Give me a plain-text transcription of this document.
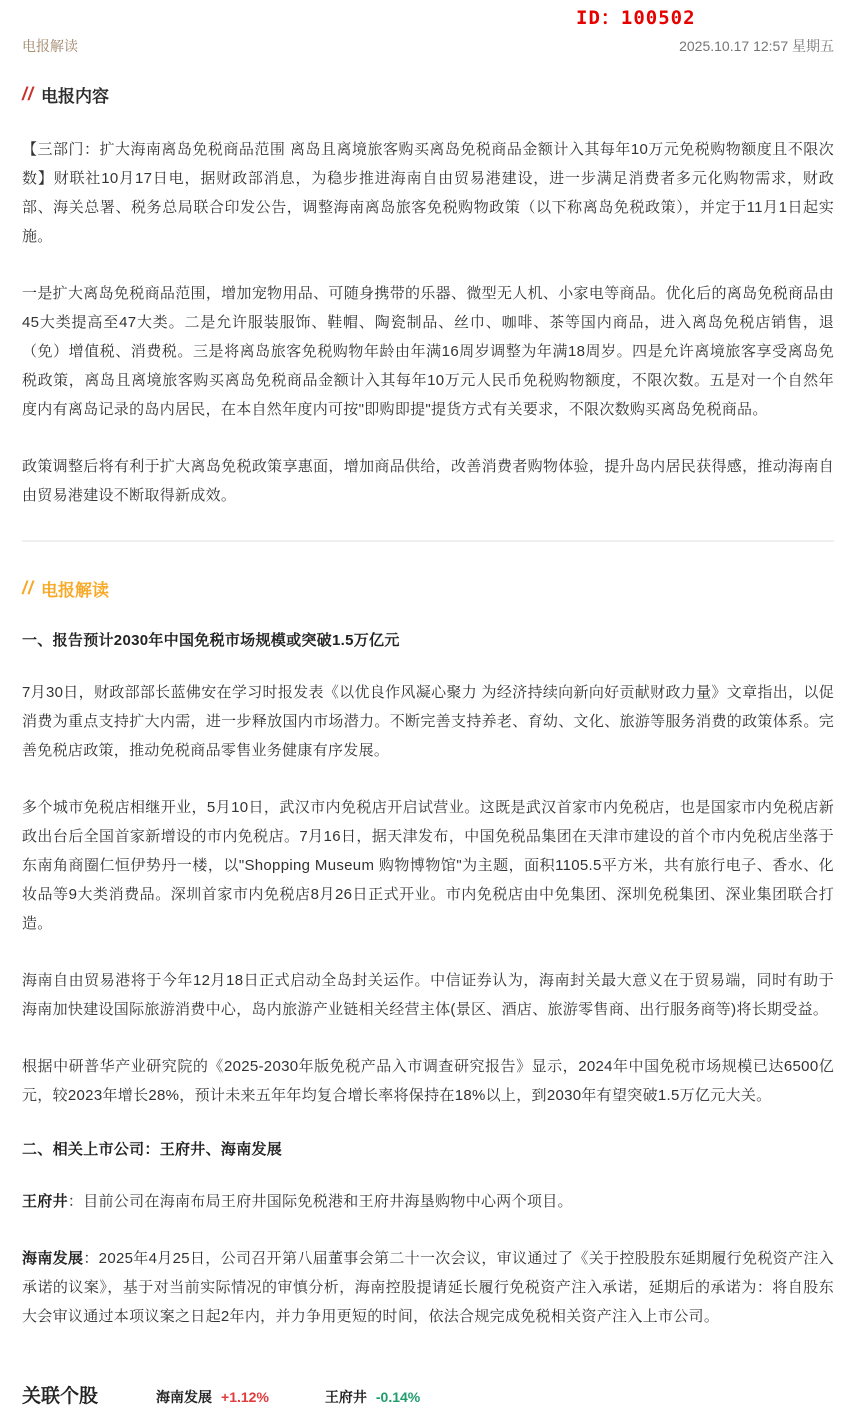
ID：100502
电报解读	2025.10.17 12:57 星期五
// 电报内容

【三部门：扩大海南离岛免税商品范围 离岛且离境旅客购买离岛免税商品金额计入其每年10万元免税购物额度且不限次数】财联社10月17日电，据财政部消息，为稳步推进海南自由贸易港建设，进一步满足消费者多元化购物需求，财政部、海关总署、税务总局联合印发公告，调整海南离岛旅客免税购物政策（以下称离岛免税政策），并定于11月1日起实施。

一是扩大离岛免税商品范围，增加宠物用品、可随身携带的乐器、微型无人机、小家电等商品。优化后的离岛免税商品由45大类提高至47大类。二是允许服装服饰、鞋帽、陶瓷制品、丝巾、咖啡、茶等国内商品，进入离岛免税店销售，退（免）增值税、消费税。三是将离岛旅客免税购物年龄由年满16周岁调整为年满18周岁。四是允许离境旅客享受离岛免税政策，离岛且离境旅客购买离岛免税商品金额计入其每年10万元人民币免税购物额度，不限次数。五是对一个自然年度内有离岛记录的岛内居民，在本自然年度内可按"即购即提"提货方式有关要求，不限次数购买离岛免税商品。

政策调整后将有利于扩大离岛免税政策享惠面，增加商品供给，改善消费者购物体验，提升岛内居民获得感，推动海南自由贸易港建设不断取得新成效。

// 电报解读
一、报告预计2030年中国免税市场规模或突破1.5万亿元

7月30日，财政部部长蓝佛安在学习时报发表《以优良作风凝心聚力 为经济持续向新向好贡献财政力量》文章指出，以促消费为重点支持扩大内需，进一步释放国内市场潜力。不断完善支持养老、育幼、文化、旅游等服务消费的政策体系。完善免税店政策，推动免税商品零售业务健康有序发展。

多个城市免税店相继开业，5月10日，武汉市内免税店开启试营业。这既是武汉首家市内免税店，也是国家市内免税店新政出台后全国首家新增设的市内免税店。7月16日，据天津发布，中国免税品集团在天津市建设的首个市内免税店坐落于东南角商圈仁恒伊势丹一楼，以"Shopping Museum 购物博物馆"为主题，面积1105.5平方米，共有旅行电子、香水、化妆品等9大类消费品。深圳首家市内免税店8月26日正式开业。市内免税店由中免集团、深圳免税集团、深业集团联合打造。

海南自由贸易港将于今年12月18日正式启动全岛封关运作。中信证券认为，海南封关最大意义在于贸易端，同时有助于海南加快建设国际旅游消费中心，岛内旅游产业链相关经营主体(景区、酒店、旅游零售商、出行服务商等)将长期受益。

根据中研普华产业研究院的《2025-2030年版免税产品入市调查研究报告》显示，2024年中国免税市场规模已达6500亿元，较2023年增长28%，预计未来五年年均复合增长率将保持在18%以上，到2030年有望突破1.5万亿元大关。

二、相关上市公司：王府井、海南发展

王府井：目前公司在海南布局王府井国际免税港和王府井海垦购物中心两个项目。

海南发展：2025年4月25日，公司召开第八届董事会第二十一次会议，审议通过了《关于控股股东延期履行免税资产注入承诺的议案》，基于对当前实际情况的审慎分析，海南控股提请延长履行免税资产注入承诺，延期后的承诺为：将自股东大会审议通过本项议案之日起2年内，并力争用更短的时间，依法合规完成免税相关资产注入上市公司。

关联个股	海南发展 +1.12%	王府井 -0.14%
